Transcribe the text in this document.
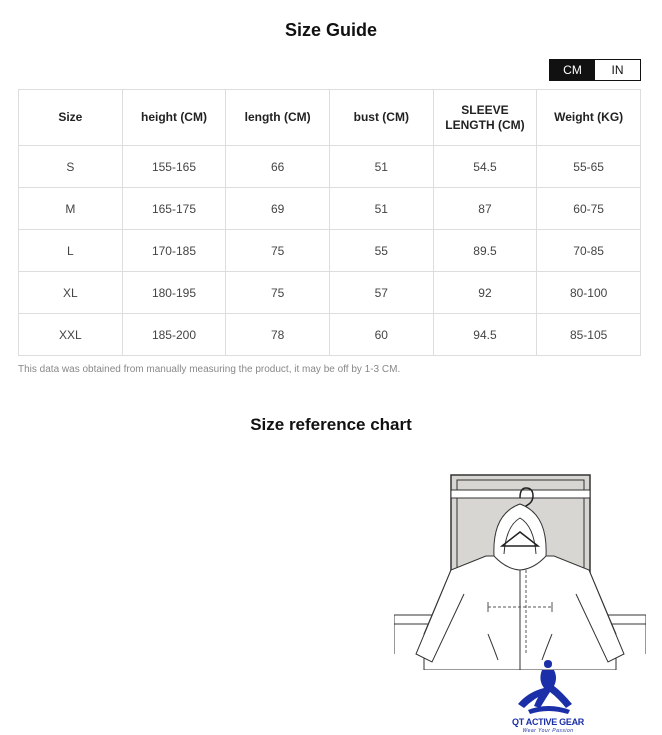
Size Guide
CM	IN
Size	height (CM)	length (CM)	bust (CM)	SLEEVE LENGTH (CM)	Weight (KG)
S	155-165	66	51	54.5	55-65
M	165-175	69	51	87	60-75
L	170-185	75	55	89.5	70-85
XL	180-195	75	57	92	80-100
XXL	185-200	78	60	94.5	85-105
This data was obtained from manually measuring the product, it may be off by 1-3 CM.
Size reference chart
QT ACTIVE GEAR
Wear Your Passion
